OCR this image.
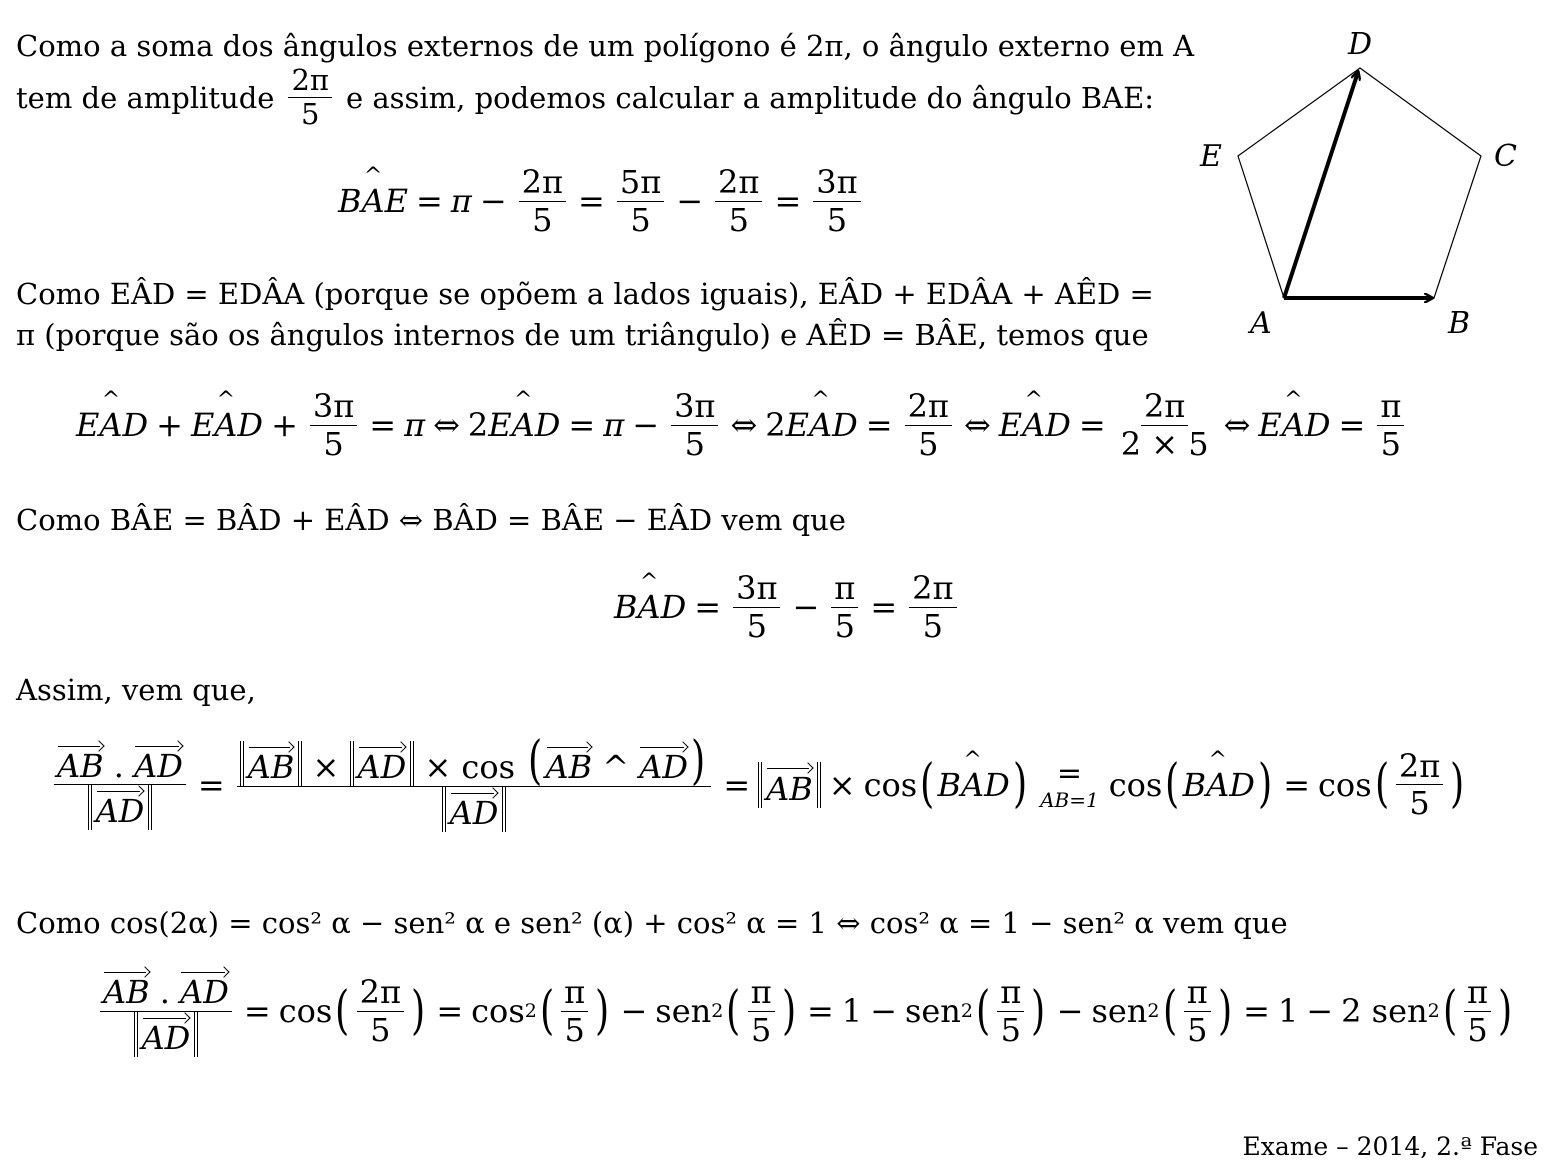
Como a soma dos ângulos externos de um polígono é 2π, o ângulo externo em A
tem de amplitude $\frac{2\pi}{5}$ e assim, podemos calcular a amplitude do ângulo BAE:
B A ^ $E = \pi - \frac{2\pi}{5} = \frac{5\pi}{5} - \frac{2\pi}{5} = \frac{3\pi}{5}$
Como EÂD = EDÂA (porque se opõem a lados iguais), EÂD + EDÂA + AÊD =
π (porque são os ângulos internos de um triângulo) e AÊD = BÂE, temos que
E A ^ D + E A ^ $D + \frac{3\pi}{5} = \pi$ ⇔ 2 E A ^ $D = \pi - \frac{3\pi}{5}$ ⇔ 2 E A ^ $D = \frac{2\pi}{5}$ ⇔ E A ^ $D = \frac{2\pi}{2 \times 5}$ ⇔ E A ^ $D = \frac{\pi}{5}$
Como BÂE = BÂD + EÂD ⇔ BÂD = BÂE − EÂD vem que
B A ^ $D = \frac{3\pi}{5} - \frac{\pi}{5} = \frac{2\pi}{5}$
Assim, vem que,
$\frac{AB . AD}{AD} = \frac{AB \times AD \times \cos (AB \^{} AD)}{AD}$ = AB × cos ( B A ^ D ) =
AB=1 cos ( B A ^ D ) = cos ( 2π
5 )
Como cos(2α) = cos² α − sen² α e sen² (α) + cos² α = 1 ⇔ cos² α = 1 − sen² α vem que
$\frac{AB . AD}{AD} = \cos$ ( 2π
5 ) = cos 2 ( π
5 ) − sen 2 ( π
5 ) = 1 − sen 2 ( π
5 ) − sen 2 ( π
5 ) = 1 − 2 sen 2 ( π
5 )
D
C
E
A	B
Exame – 2014, 2.ª Fase
